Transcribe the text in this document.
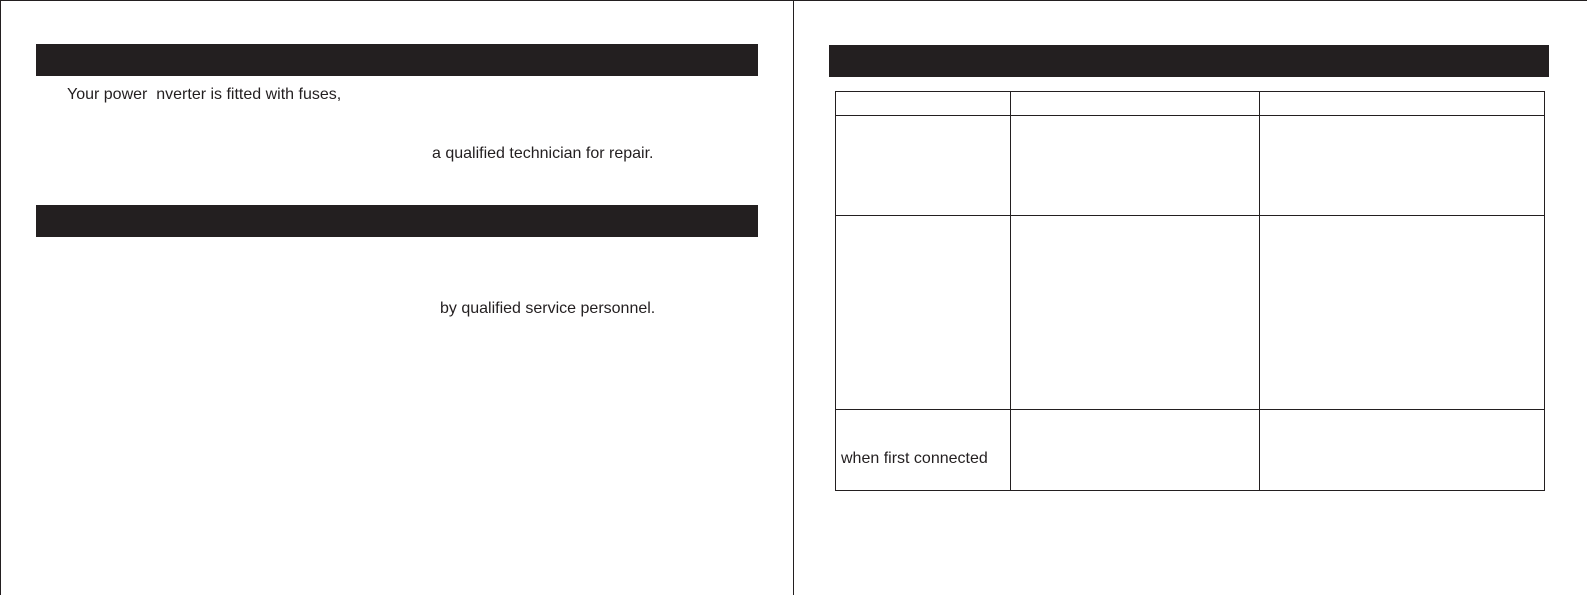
Your power  nverter is fitted with fuses,
a qualified technician for repair.
by qualified service personnel.

when first connected		
